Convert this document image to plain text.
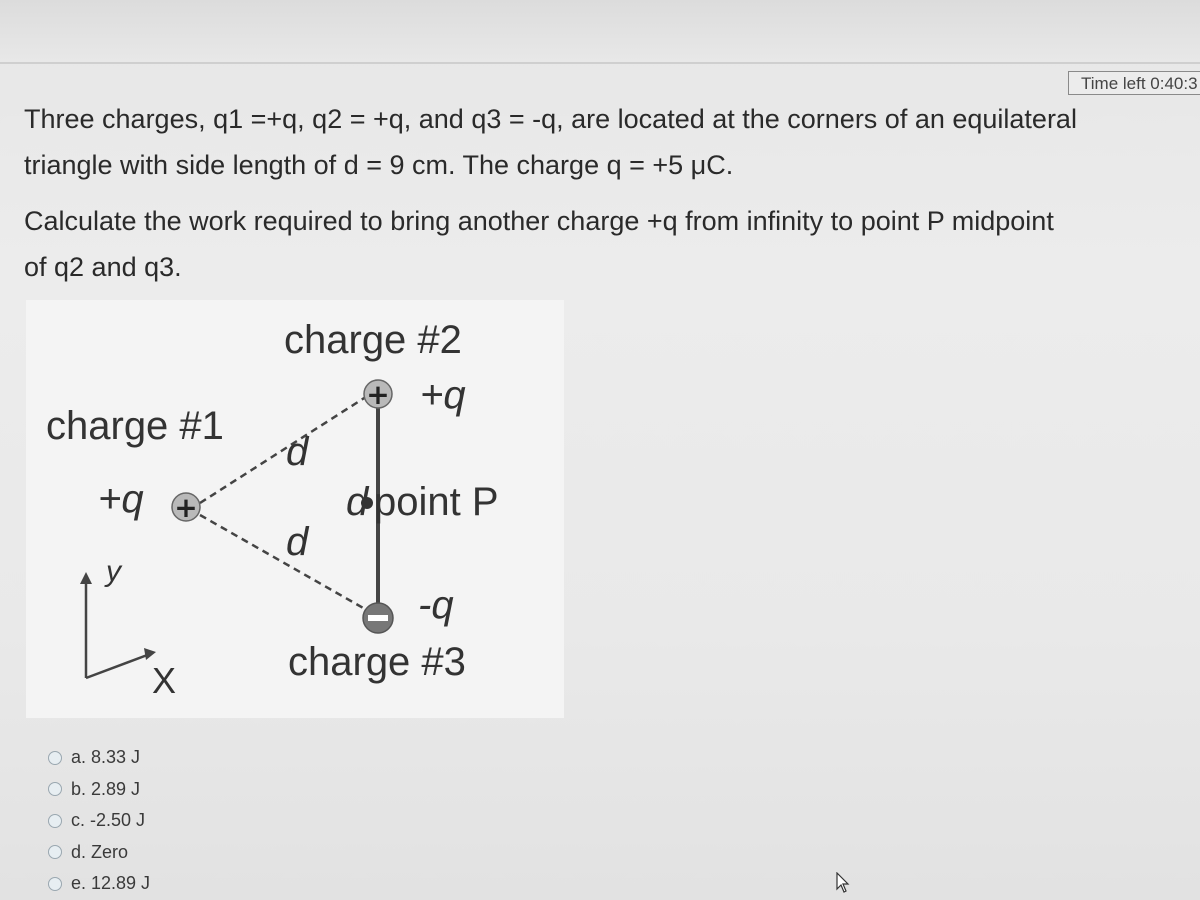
Time left 0:40:3
Three charges, q1 =+q, q2 = +q, and q3 = -q, are located at the corners of an equilateral
triangle with side length of d = 9 cm. The charge q = +5 μC.
Calculate the work required to bring another charge +q from infinity to point P midpoint
of q2 and q3.
+
+
charge #2
+q
charge #1
+q
d
d
d
point P
-q
charge #3
y
X
a. 8.33 J
b. 2.89 J
c. -2.50 J
d. Zero
e. 12.89 J
